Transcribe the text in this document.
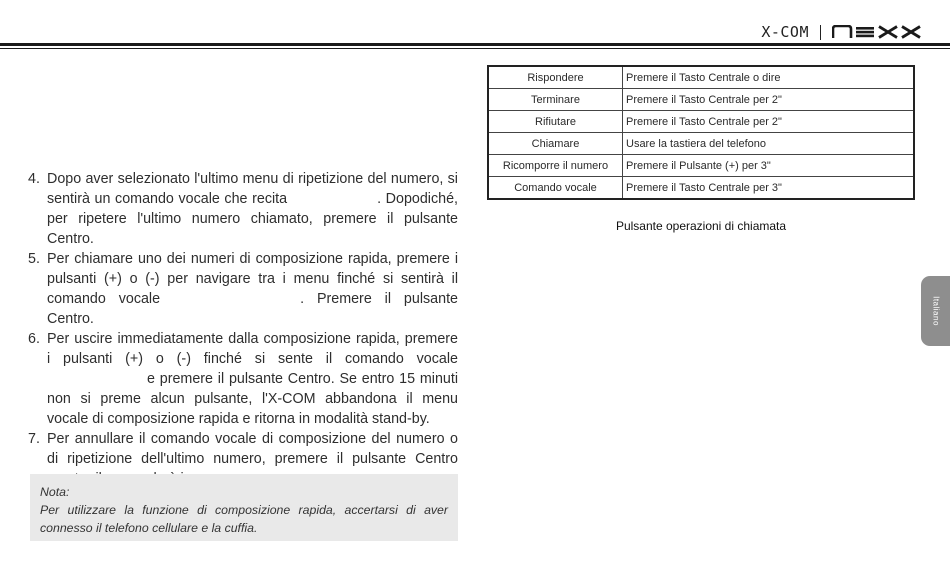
X-COM
4. Dopo aver selezionato l'ultimo menu di ripetizione del numero, si sentirà un comando vocale che recita	. Dopodiché, per ripetere l'ultimo numero chiamato, premere il pulsante Centro.
5. Per chiamare uno dei numeri di composizione rapida, premere i pulsanti (+) o (-) per navigare tra i menu finché si sentirà il comando vocale	. Premere il pulsante Centro.
6. Per uscire immediatamente dalla composizione rapida, premere i pulsanti (+) o (-) finché si sente il comando vocalee premere il pulsante Centro. Se entro 15 minuti non si preme alcun pulsante, l'X-COM abbandona il menu vocale di composizione rapida e ritorna in modalità stand-by.
7. Per annullare il comando vocale di composizione del numero o di ripetizione dell'ultimo numero, premere il pulsante Centro
Nota:
Per utilizzare la funzione di composizione rapida, accertarsi di aver connesso il telefono cellulare e la cuffia.
Rispondere	Premere il Tasto Centrale o dire
Terminare	Premere il Tasto Centrale per 2"
Rifiutare	Premere il Tasto Centrale per 2"
Chiamare	Usare la tastiera del telefono
Ricomporre il numero	Premere il Pulsante (+) per 3"
Comando vocale	Premere il Tasto Centrale per 3"
Pulsante operazioni di chiamata
Italiano
